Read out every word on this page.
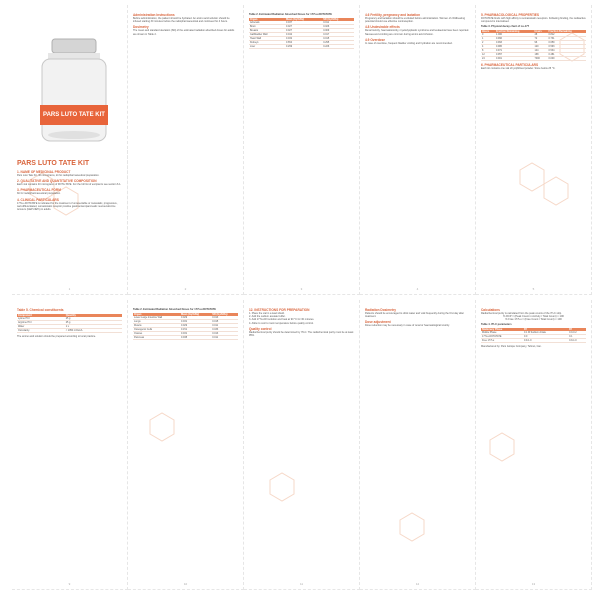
PARS LUTO TATE KIT
1
Administration Instructions
Before administration, the patient should be hydrated. An amino acid solution should be infused starting 30 minutes before the radiopharmaceutical and continued for 4 hours.
Dosimetry
The mean and standard deviation (SD) of the estimated radiation absorbed doses for adults are shown in Table 2.
2
Table 2. Estimated Radiation Absorbed Doses for 177Lu-DOTATATE
Organ	Mean (Gy/GBq)	SD (Gy/GBq)
Adrenals	0.037	0.011
Brain	0.027	0.026
Breasts	0.027	0.009
Gallbladder Wall	0.042	0.017
Heart Wall	0.032	0.015
Kidneys	0.654	0.295
Liver	0.299	0.226
3
4.6 Fertility, pregnancy and lactation
Pregnancy and lactation should be excluded before administration. Women of childbearing potential should use effective contraception.
4.8 Undesirable effects
Renal toxicity, haematotoxicity, myelodysplastic syndrome and leukaemia have been reported. Nausea and vomiting are common during amino acid infusion.
4.9 Overdose
In case of overdose, frequent bladder voiding and hydration are recommended.
4
5. PHARMACOLOGICAL PROPERTIES
DOTATATE binds with high affinity to somatostatin receptors. Following binding, the radioactive compound is internalised.
Table 3. Physical decay chart of Lu-177
Hours	Fraction Remaining	Hours	Fraction Remaining
0	1.000	48	0.812
1	0.996	72	0.731
2	0.993	96	0.659
4	0.986	120	0.593
8	0.971	144	0.534
12	0.957	168	0.481
24	0.901	7000	0.000
6. PHARMACEUTICAL PARTICULARS
Each kit contains one vial of lyophilised powder. Store below 25 °C.
5
PARS LUTO TATE KIT
1. NAME OF MEDICINAL PRODUCT
Pars Luto Tate Kit, 40 micrograms, kit for radiopharmaceutical preparation.
2. QUALITATIVE AND QUANTITATIVE COMPOSITION
Each vial contains 40 micrograms of DOTA-TATE. For the full list of excipients see section 6.1.
3. PHARMACEUTICAL FORM
Kit for radiopharmaceutical preparation.
4. CLINICAL PARTICULARS
177Lu-DOTATATE is indicated for the treatment of unresectable or metastatic, progressive, well-differentiated, somatostatin receptor positive gastroenteropancreatic neuroendocrine tumours (GEP-NETs) in adults.
Table 5. Chemical constituents
Component	Quantity
Lysine HCl	25 g
Arginine HCl	25 g
Water	1 L
Osmolarity	< 1050 mOsm/L
The amino acid solution should be prepared according to local practice.
9
Table 2. Estimated Radiation Absorbed Doses for 177Lu-DOTATATE
Organ	Mean (Gy/GBq)	SD (Gy/GBq)
Lower Large Intestine Wall	0.029	0.013
Lungs	0.031	0.015
Muscle	0.029	0.011
Osteogenic Cells	0.151	0.033
Ovaries	0.031	0.013
Pancreas	0.038	0.011
10
12. INSTRUCTIONS FOR PREPARATION
1. Place the vial in a lead shield.
2. Add the sodium acetate buffer.
3. Add 177LuCl3 solution and heat at 90 °C for 30 minutes.
4. Allow to cool to room temperature before quality control.
Quality control
Radiochemical purity should be determined by ITLC. The radiochemical purity must be at least 95%.
11
Radiation Dosimetry
Patients should be encouraged to drink water and void frequently during the first day after treatment.
Dose adjustment
Dose reduction may be necessary in case of renal or haematological toxicity.
12
Calculations
Radiochemical purity is calculated from the peak counts of the ITLC strip.
% RCP = (Peak Count in Activity / Total Count) × 100
% Free 177Lu = (Free Count / Total Count) × 100
Table 4. ITLC parameters
Stationary Phase	Rf	Rf
Mobile Phase	0.1 M Sodium citrate	0.0-0.2
177Lu-DOTATATE	0.0	0.1
Free 177Lu	0.9-1.0	0.9-1.0
Manufactured by: Pars Isotope Company, Tehran, Iran.
13
